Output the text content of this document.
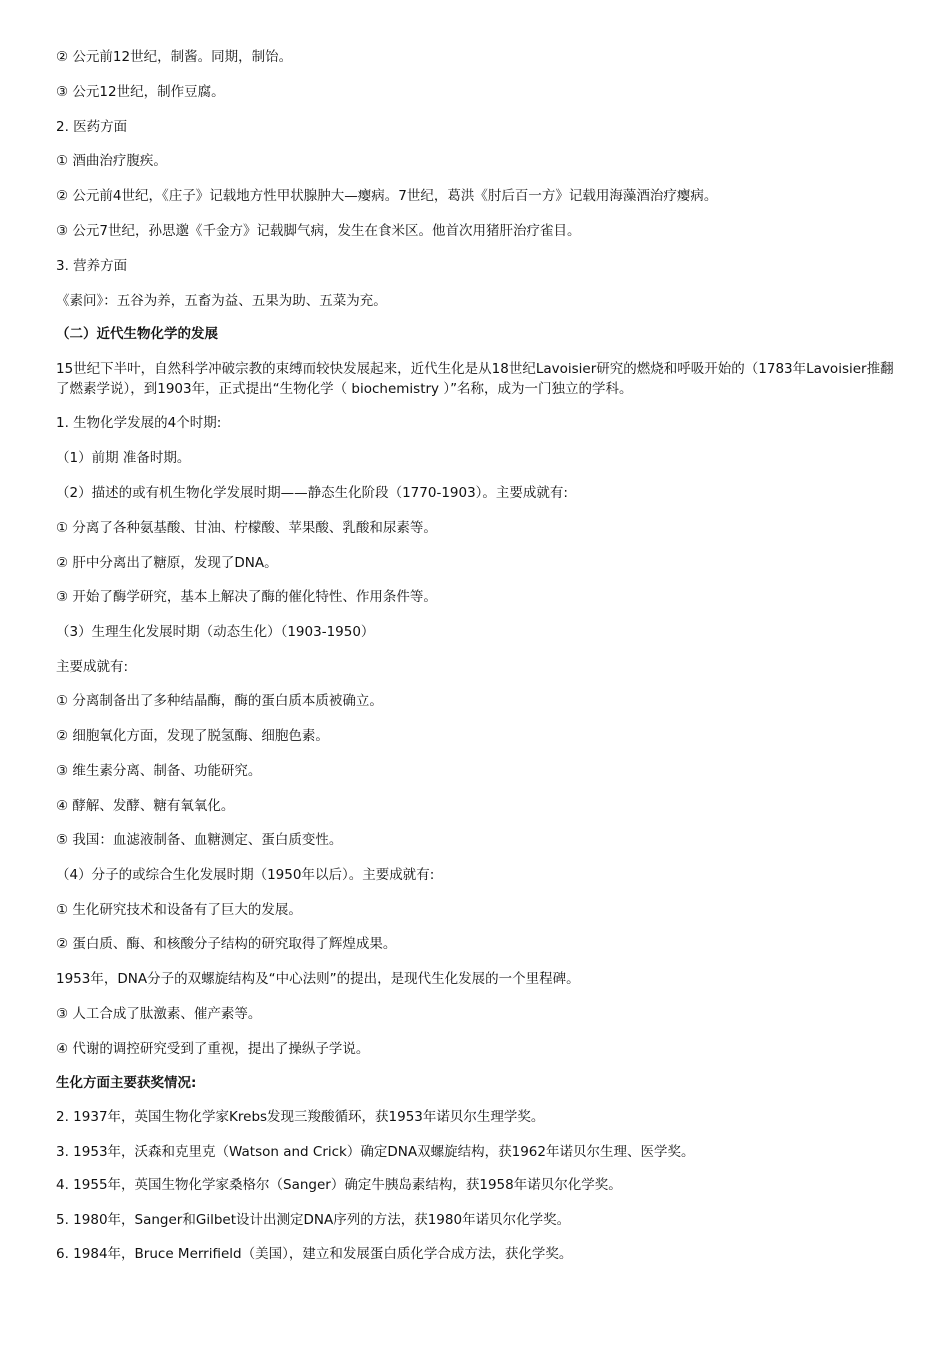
② 公元前12世纪，制酱。同期，制饴。
③ 公元12世纪，制作豆腐。
2. 医药方面
① 酒曲治疗腹疾。
② 公元前4世纪，《庄子》记载地方性甲状腺肿大—瘿病。7世纪，葛洪《肘后百一方》记载用海藻酒治疗瘿病。
③ 公元7世纪，孙思邈《千金方》记载脚气病，发生在食米区。他首次用猪肝治疗雀目。
3. 营养方面
《素问》：五谷为养，五畜为益、五果为助、五菜为充。
（二）近代生物化学的发展
15世纪下半叶，自然科学冲破宗教的束缚而较快发展起来，近代生化是从18世纪Lavoisier研究的燃烧和呼吸开始的（1783年Lavoisier推翻了燃素学说），到1903年，正式提出“生物化学（ biochemistry ）”名称，成为一门独立的学科。
1. 生物化学发展的4个时期:
（1）前期 准备时期。
（2）描述的或有机生物化学发展时期——静态生化阶段（1770-1903）。主要成就有:
① 分离了各种氨基酸、甘油、柠檬酸、苹果酸、乳酸和尿素等。
② 肝中分离出了糖原，发现了DNA。
③ 开始了酶学研究，基本上解决了酶的催化特性、作用条件等。
（3）生理生化发展时期（动态生化）（1903-1950）
主要成就有:
① 分离制备出了多种结晶酶，酶的蛋白质本质被确立。
② 细胞氧化方面，发现了脱氢酶、细胞色素。
③ 维生素分离、制备、功能研究。
④ 酵解、发酵、糖有氧氧化。
⑤ 我国：血滤液制备、血糖测定、蛋白质变性。
（4）分子的或综合生化发展时期（1950年以后）。主要成就有:
① 生化研究技术和设备有了巨大的发展。
② 蛋白质、酶、和核酸分子结构的研究取得了辉煌成果。
1953年，DNA分子的双螺旋结构及“中心法则”的提出，是现代生化发展的一个里程碑。
③ 人工合成了肽激素、催产素等。
④ 代谢的调控研究受到了重视，提出了操纵子学说。
生化方面主要获奖情况:
2. 1937年，英国生物化学家Krebs发现三羧酸循环，获1953年诺贝尔生理学奖。
3. 1953年，沃森和克里克（Watson and Crick）确定DNA双螺旋结构，获1962年诺贝尔生理、医学奖。
4. 1955年，英国生物化学家桑格尔（Sanger）确定牛胰岛素结构，获1958年诺贝尔化学奖。
5. 1980年，Sanger和Gilbet设计出测定DNA序列的方法，获1980年诺贝尔化学奖。
6. 1984年，Bruce Merrifield（美国），建立和发展蛋白质化学合成方法，获化学奖。
